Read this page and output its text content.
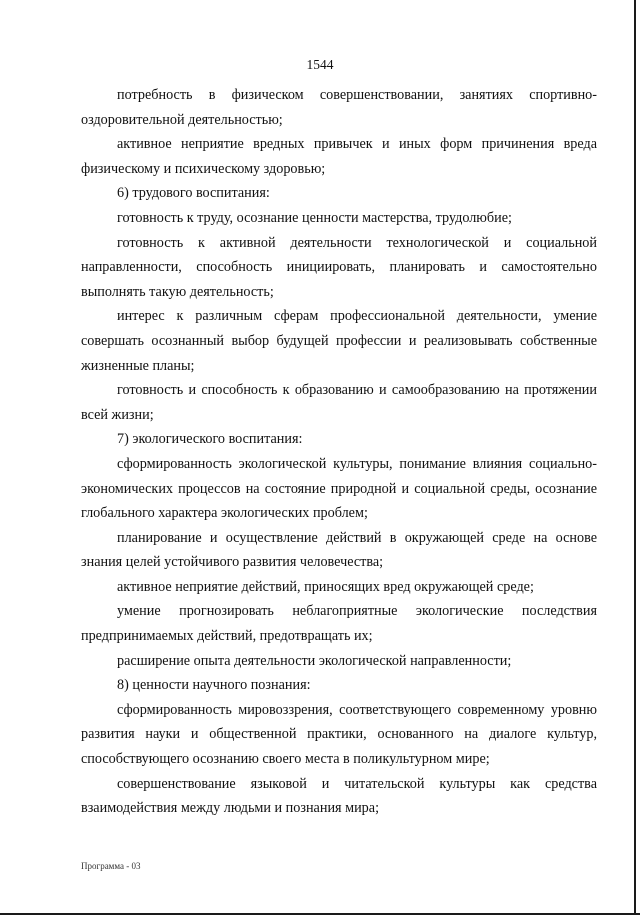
1544

потребность в физическом совершенствовании, занятиях спортивно-оздоровительной деятельностью;

активное неприятие вредных привычек и иных форм причинения вреда физическому и психическому здоровью;

6) трудового воспитания:

готовность к труду, осознание ценности мастерства, трудолюбие;

готовность к активной деятельности технологической и социальной направленности, способность инициировать, планировать и самостоятельно выполнять такую деятельность;

интерес к различным сферам профессиональной деятельности, умение совершать осознанный выбор будущей профессии и реализовывать собственные жизненные планы;

готовность и способность к образованию и самообразованию на протяжении всей жизни;

7) экологического воспитания:

сформированность экологической культуры, понимание влияния социально-экономических процессов на состояние природной и социальной среды, осознание глобального характера экологических проблем;

планирование и осуществление действий в окружающей среде на основе знания целей устойчивого развития человечества;

активное неприятие действий, приносящих вред окружающей среде;

умение прогнозировать неблагоприятные экологические последствия предпринимаемых действий, предотвращать их;

расширение опыта деятельности экологической направленности;

8) ценности научного познания:

сформированность мировоззрения, соответствующего современному уровню развития науки и общественной практики, основанного на диалоге культур, способствующего осознанию своего места в поликультурном мире;

совершенствование языковой и читательской культуры как средства взаимодействия между людьми и познания мира;

Программа - 03
